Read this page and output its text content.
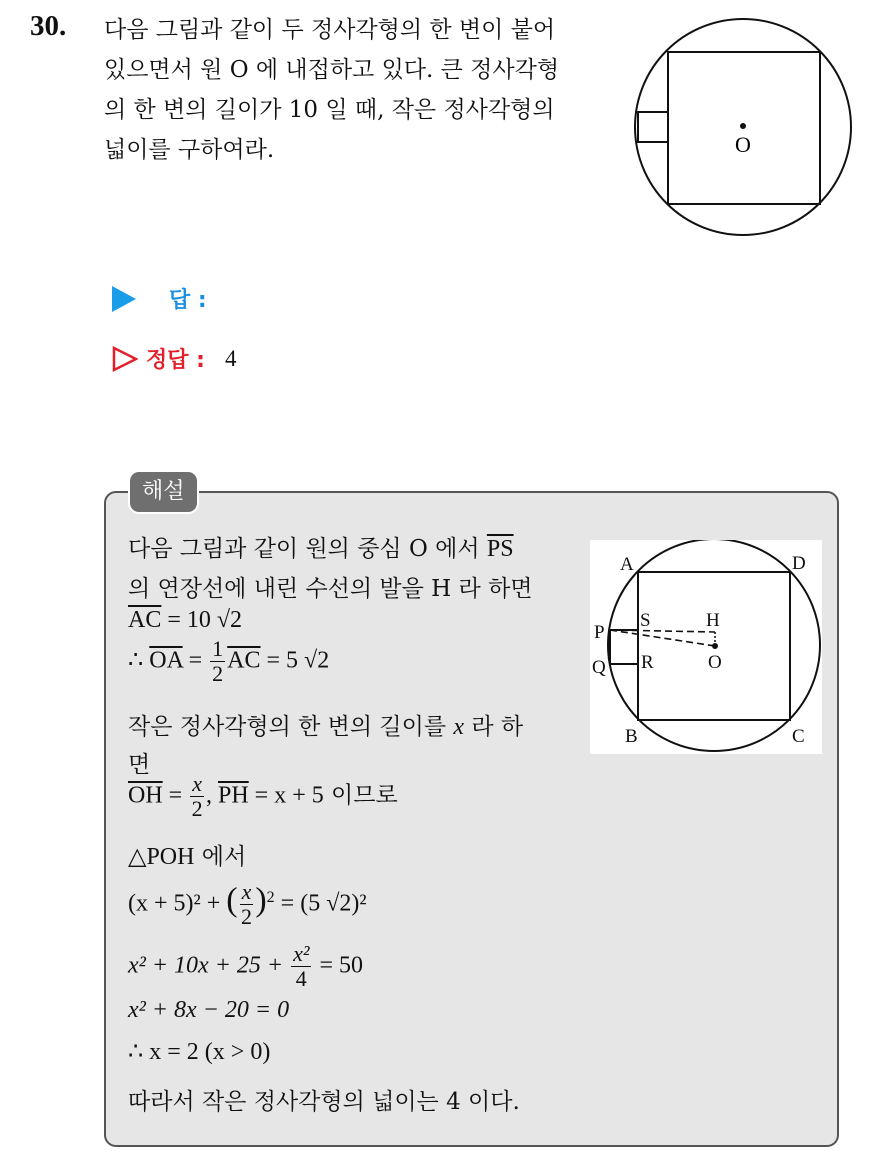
30. 다음 그림과 같이 두 정사각형의 한 변이 붙어
있으면서 원 O 에 내접하고 있다. 큰 정사각형
의 한 변의 길이가 10 일 때, 작은 정사각형의
넓이를 구하여라.	O
답 :
정답 : 4
해설
다음 그림과 같이 원의 중심 O 에서 $\overline{PS}$
의 연장선에 내린 수선의 발을 H 라 하면
$\overline{AC} = 10$ √2
∴ $\overline{OA} = \frac{1}{2} \overline{AC} = 5$ √2
작은 정사각형의 한 변의 길이를 x 라 하
면
$\overline{OH} = \frac{x}{2}$ , $\overline{PH} = x + 5$ 이므로
△POH 에서
(x + 5)² + ( $\frac{x}{2} )^2 = (5$ √2)²
$x^2 + 10x + 25 + \frac{\text{x²}}{4} = 50$
x² + 8x − 20 = 0
∴ x = 2 (x > 0)
따라서 작은 정사각형의 넓이는 4 이다.
A	D
S	H
P
Q R	O
B	C
